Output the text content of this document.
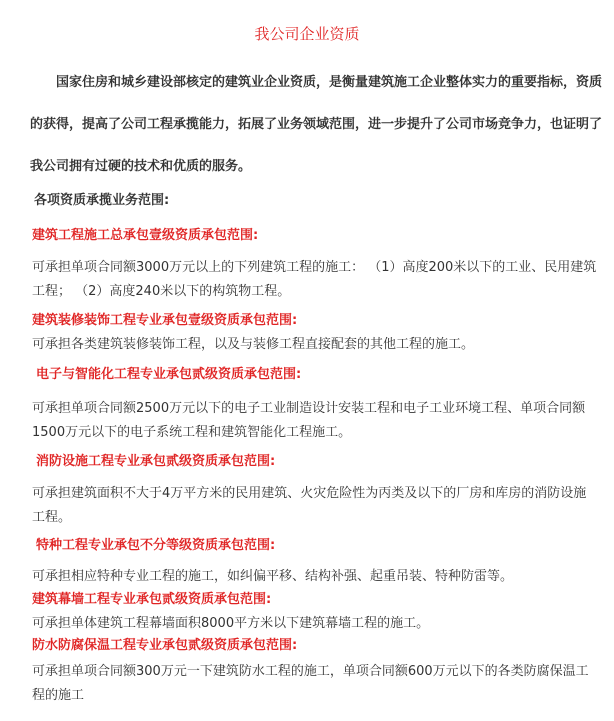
我公司企业资质
国家住房和城乡建设部核定的建筑业企业资质，是衡量建筑施工企业整体实力的重要指标，资质的获得，提高了公司工程承揽能力，拓展了业务领域范围，进一步提升了公司市场竞争力，也证明了我公司拥有过硬的技术和优质的服务。
各项资质承揽业务范围:
建筑工程施工总承包壹级资质承包范围:
可承担单项合同额3000万元以上的下列建筑工程的施工： （1）高度200米以下的工业、民用建筑工程； （2）高度240米以下的构筑物工程。
建筑装修装饰工程专业承包壹级资质承包范围:
可承担各类建筑装修装饰工程，以及与装修工程直接配套的其他工程的施工。
电子与智能化工程专业承包贰级资质承包范围:
可承担单项合同额2500万元以下的电子工业制造设计安装工程和电子工业环境工程、单项合同额1500万元以下的电子系统工程和建筑智能化工程施工。
消防设施工程专业承包贰级资质承包范围:
可承担建筑面积不大于4万平方米的民用建筑、火灾危险性为丙类及以下的厂房和库房的消防设施工程。
特种工程专业承包不分等级资质承包范围:
可承担相应特种专业工程的施工，如纠偏平移、结构补强、起重吊装、特种防雷等。
建筑幕墙工程专业承包贰级资质承包范围:
可承担单体建筑工程幕墙面积8000平方米以下建筑幕墙工程的施工。
防水防腐保温工程专业承包贰级资质承包范围:
可承担单项合同额300万元一下建筑防水工程的施工，单项合同额600万元以下的各类防腐保温工程的施工
